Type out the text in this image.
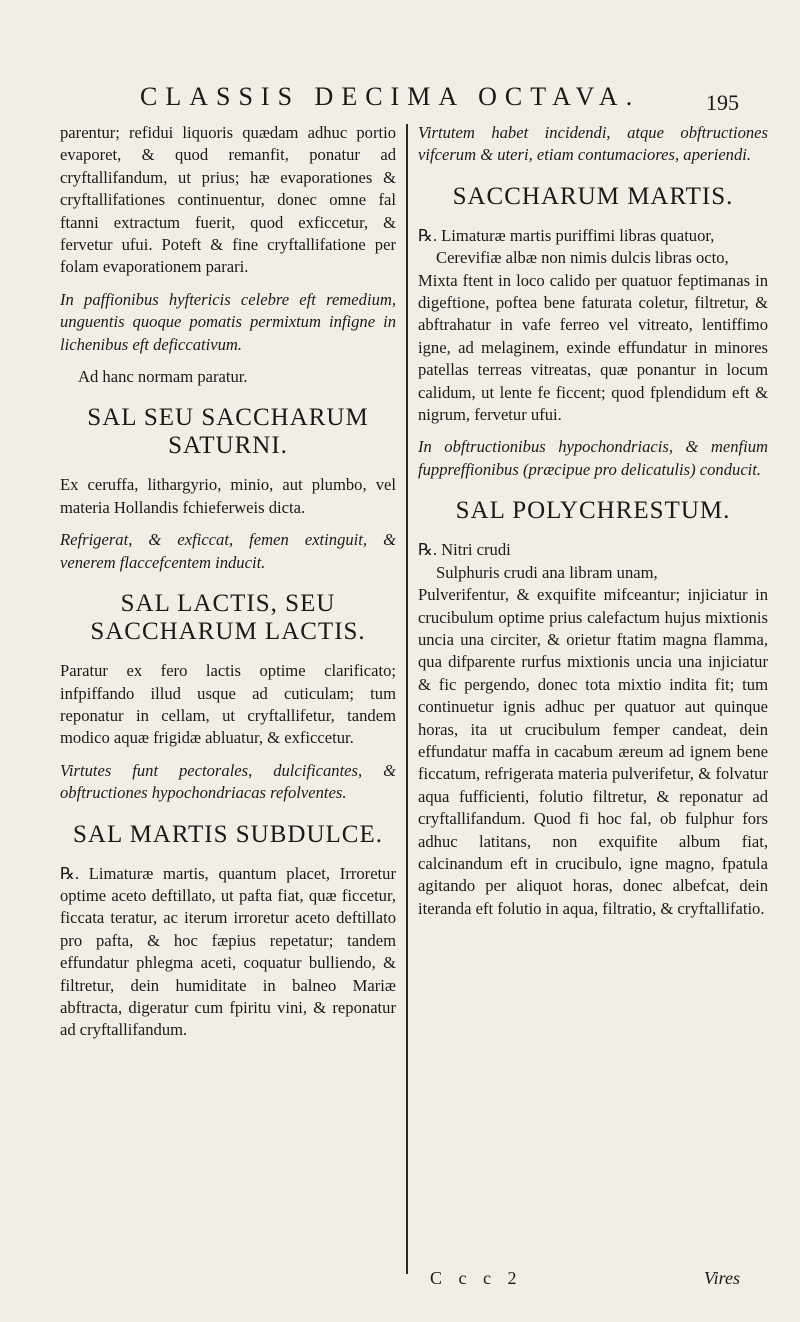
CLASSIS DECIMA OCTAVA.	195

parentur; refidui liquoris quædam adhuc portio evaporet, & quod remanfit, ponatur ad cryftallifandum, ut prius; hæ evaporationes & cryftallifationes continuentur, donec omne fal ftanni extractum fuerit, quod exficcetur, & fervetur ufui. Poteft & fine cryftallifatione per folam evaporationem parari.

In paffionibus hyftericis celebre eft remedium, unguentis quoque pomatis permixtum infigne in lichenibus eft deficcativum.

Ad hanc normam paratur.

SAL SEU SACCHARUM SATURNI.

Ex ceruffa, lithargyrio, minio, aut plumbo, vel materia Hollandis fchieferweis dicta.

Refrigerat, & exficcat, femen extinguit, & venerem flaccefcentem inducit.

SAL LACTIS, SEU SACCHARUM LACTIS.

Paratur ex fero lactis optime clarificato; infpiffando illud usque ad cuticulam; tum reponatur in cellam, ut cryftallifetur, tandem modico aquæ frigidæ abluatur, & exficcetur.

Virtutes funt pectorales, dulcificantes, & obftructiones hypochondriacas refolventes.

SAL MARTIS SUBDULCE.

℞. Limaturæ martis, quantum placet, Irroretur optime aceto deftillato, ut pafta fiat, quæ ficcetur, ficcata teratur, ac iterum irroretur aceto deftillato pro pafta, & hoc fæpius repetatur; tandem effundatur phlegma aceti, coquatur bulliendo, & filtretur, dein humiditate in balneo Mariæ abftracta, digeratur cum fpiritu vini, & reponatur ad cryftallifandum.

Virtutem habet incidendi, atque obftructiones vifcerum & uteri, etiam contumaciores, aperiendi.

SACCHARUM MARTIS.

℞. Limaturæ martis puriffimi libras quatuor,

Cerevifiæ albæ non nimis dulcis libras octo,

Mixta ftent in loco calido per quatuor feptimanas in digeftione, poftea bene faturata coletur, filtretur, & abftrahatur in vafe ferreo vel vitreato, lentiffimo igne, ad melaginem, exinde effundatur in minores patellas terreas vitreatas, quæ ponantur in locum calidum, ut lente fe ficcent; quod fplendidum eft & nigrum, fervetur ufui.

In obftructionibus hypochondriacis, & menfium fuppreffionibus (præcipue pro delicatulis) conducit.

SAL POLYCHRESTUM.

℞. Nitri crudi

Sulphuris crudi ana libram unam,

Pulverifentur, & exquifite mifceantur; injiciatur in crucibulum optime prius calefactum hujus mixtionis uncia una circiter, & orietur ftatim magna flamma, qua difparente rurfus mixtionis uncia una injiciatur & fic pergendo, donec tota mixtio indita fit; tum continuetur ignis adhuc per quatuor aut quinque horas, ita ut crucibulum femper candeat, dein effundatur maffa in cacabum æreum ad ignem bene ficcatum, refrigerata materia pulverifetur, & folvatur aqua fufficienti, folutio filtretur, & reponatur ad cryftallifandum. Quod fi hoc fal, ob fulphur fors adhuc latitans, non exquifite album fiat, calcinandum eft in crucibulo, igne magno, fpatula agitando per aliquot horas, donec albefcat, dein iteranda eft folutio in aqua, filtratio, & cryftallifatio.

C c c 2	Vires
